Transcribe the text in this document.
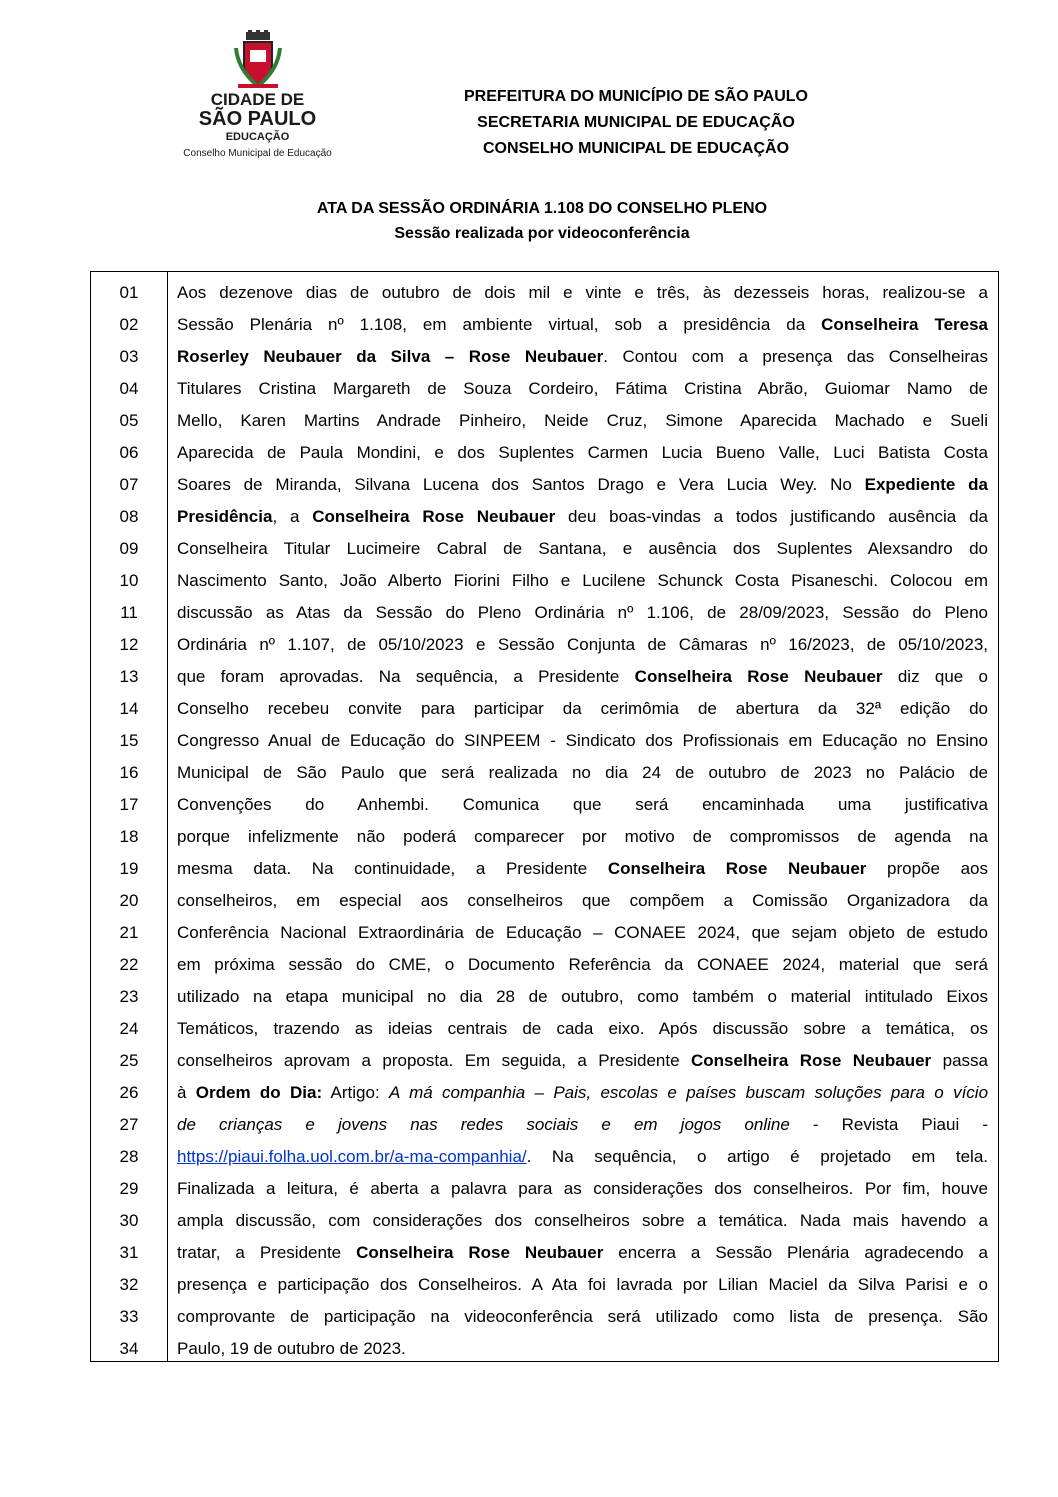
CIDADE DE
SÃO PAULO
EDUCAÇÃO
Conselho Municipal de Educação
PREFEITURA DO MUNICÍPIO DE SÃO PAULO
SECRETARIA MUNICIPAL DE EDUCAÇÃO
CONSELHO MUNICIPAL DE EDUCAÇÃO
ATA DA SESSÃO ORDINÁRIA 1.108 DO CONSELHO PLENO
Sessão realizada por videoconferência
01
02
03
04
05
06
07
08
09
10
11
12
13
14
15
16
17
18
19
20
21
22
23
24
25
26
27
28
29
30
31
32
33
34
Aos dezenove dias de outubro de dois mil e vinte e três, às dezesseis horas, realizou-se a
Sessão Plenária nº 1.108, em ambiente virtual, sob a presidência da Conselheira Teresa
Roserley Neubauer da Silva – Rose Neubauer. Contou com a presença das Conselheiras
Titulares Cristina Margareth de Souza Cordeiro, Fátima Cristina Abrão, Guiomar Namo de
Mello, Karen Martins Andrade Pinheiro, Neide Cruz, Simone Aparecida Machado e Sueli
Aparecida de Paula Mondini, e dos Suplentes Carmen Lucia Bueno Valle, Luci Batista Costa
Soares de Miranda, Silvana Lucena dos Santos Drago e Vera Lucia Wey. No Expediente da
Presidência, a Conselheira Rose Neubauer deu boas-vindas a todos justificando ausência da
Conselheira Titular Lucimeire Cabral de Santana, e ausência dos Suplentes Alexsandro do
Nascimento Santo, João Alberto Fiorini Filho e Lucilene Schunck Costa Pisaneschi. Colocou em
discussão as Atas da Sessão do Pleno Ordinária nº 1.106, de 28/09/2023, Sessão do Pleno
Ordinária nº 1.107, de 05/10/2023 e Sessão Conjunta de Câmaras nº 16/2023, de 05/10/2023,
que foram aprovadas. Na sequência, a Presidente Conselheira Rose Neubauer diz que o
Conselho recebeu convite para participar da cerimômia de abertura da 32ª edição do
Congresso Anual de Educação do SINPEEM - Sindicato dos Profissionais em Educação no Ensino
Municipal de São Paulo que será realizada no dia 24 de outubro de 2023 no Palácio de
Convenções do Anhembi. Comunica que será encaminhada uma justificativa
porque infelizmente não poderá comparecer por motivo de compromissos de agenda na
mesma data. Na continuidade, a Presidente Conselheira Rose Neubauer propõe aos
conselheiros, em especial aos conselheiros que compõem a Comissão Organizadora da
Conferência Nacional Extraordinária de Educação – CONAEE 2024, que sejam objeto de estudo
em próxima sessão do CME, o Documento Referência da CONAEE 2024, material que será
utilizado na etapa municipal no dia 28 de outubro, como também o material intitulado Eixos
Temáticos, trazendo as ideias centrais de cada eixo. Após discussão sobre a temática, os
conselheiros aprovam a proposta. Em seguida, a Presidente Conselheira Rose Neubauer passa
à Ordem do Dia: Artigo: A má companhia – Pais, escolas e países buscam soluções para o vício
de crianças e jovens nas redes sociais e em jogos online - Revista Piaui -
https://piaui.folha.uol.com.br/a-ma-companhia/. Na sequência, o artigo é projetado em tela.
Finalizada a leitura, é aberta a palavra para as considerações dos conselheiros. Por fim, houve
ampla discussão, com considerações dos conselheiros sobre a temática. Nada mais havendo a
tratar, a Presidente Conselheira Rose Neubauer encerra a Sessão Plenária agradecendo a
presença e participação dos Conselheiros. A Ata foi lavrada por Lilian Maciel da Silva Parisi e o
comprovante de participação na videoconferência será utilizado como lista de presença. São
Paulo, 19 de outubro de 2023.
